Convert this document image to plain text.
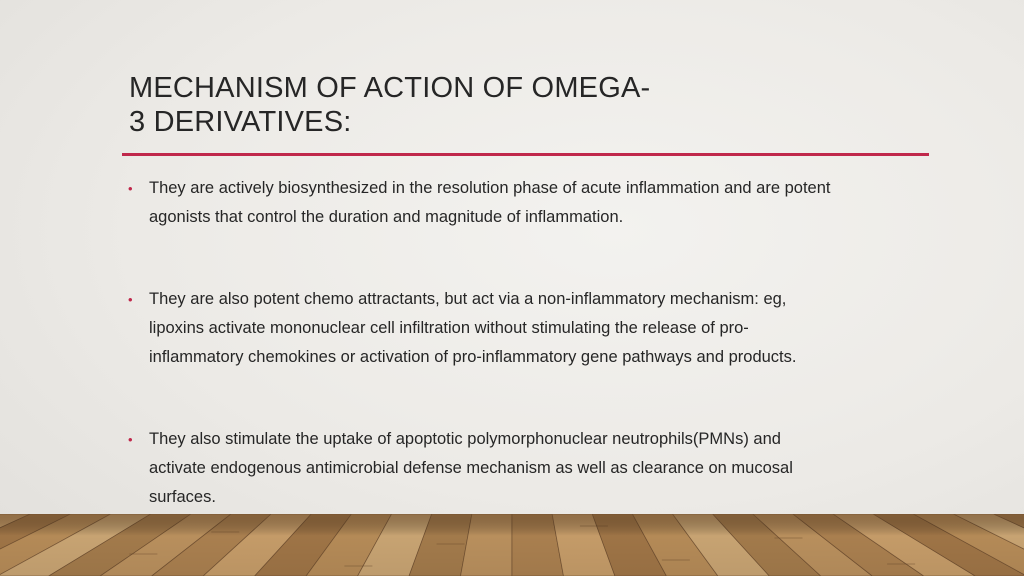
MECHANISM OF ACTION OF OMEGA-
3 DERIVATIVES:
• They are actively biosynthesized in the resolution phase of acute inflammation and are potent
agonists that control the duration and magnitude of inflammation.
• They are also potent chemo attractants, but act via a non-inflammatory mechanism: eg,
lipoxins activate mononuclear cell infiltration without stimulating the release of pro-
inflammatory chemokines or activation of pro-inflammatory gene pathways and products.
• They also stimulate the uptake of apoptotic polymorphonuclear neutrophils(PMNs) and
activate endogenous antimicrobial defense mechanism as well as clearance on mucosal
surfaces.
